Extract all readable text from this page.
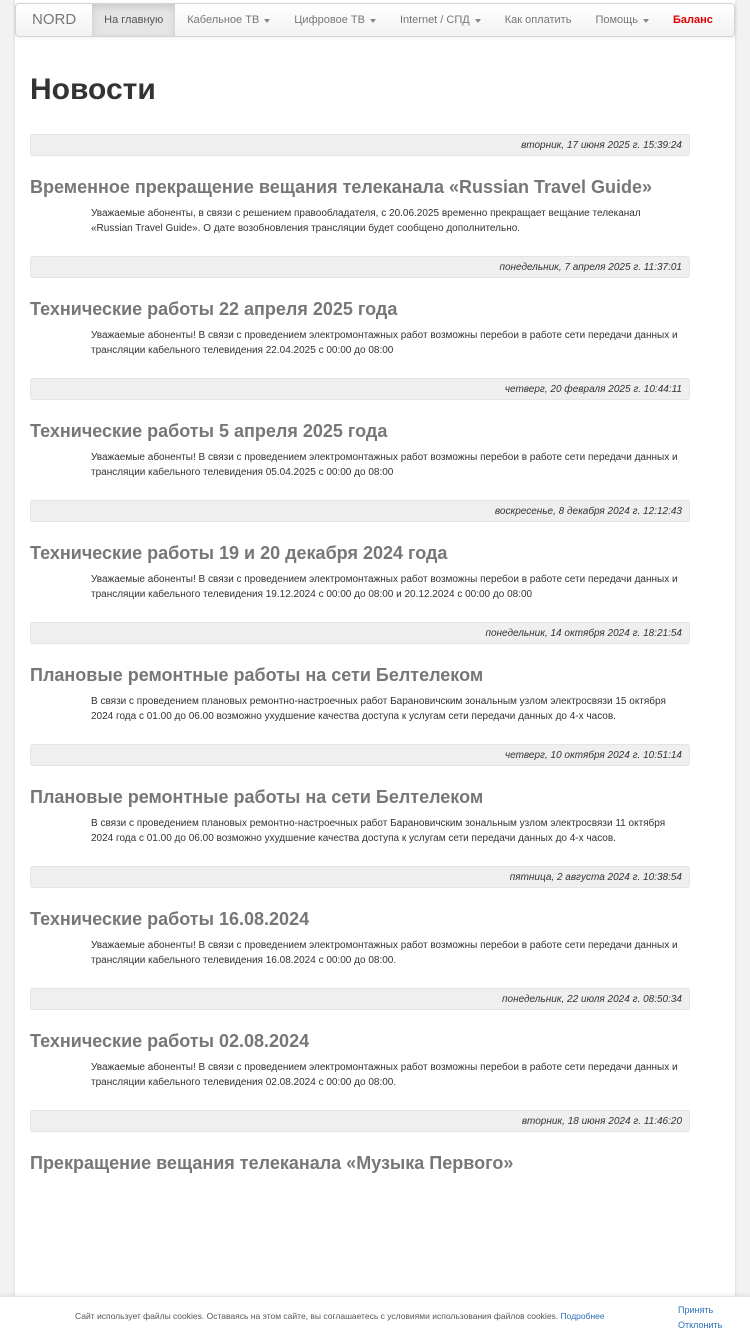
NORD	На главную Кабельное ТВ	Цифровое ТВ	Internet / СПД	Как оплатить Помощь	Баланс
Новости
вторник, 17 июня 2025 г. 15:39:24
Временное прекращение вещания телеканала «Russian Travel Guide»
Уважаемые абоненты, в связи с решением правообладателя, с 20.06.2025 временно прекращает вещание телеканал «Russian Travel Guide». О дате возобновления трансляции будет сообщено дополнительно.
понедельник, 7 апреля 2025 г. 11:37:01
Технические работы 22 апреля 2025 года
Уважаемые абоненты! В связи с проведением электромонтажных работ возможны перебои в работе сети передачи данных и трансляции кабельного телевидения 22.04.2025 с 00:00 до 08:00
четверг, 20 февраля 2025 г. 10:44:11
Технические работы 5 апреля 2025 года
Уважаемые абоненты! В связи с проведением электромонтажных работ возможны перебои в работе сети передачи данных и трансляции кабельного телевидения 05.04.2025 с 00:00 до 08:00
воскресенье, 8 декабря 2024 г. 12:12:43
Технические работы 19 и 20 декабря 2024 года
Уважаемые абоненты! В связи с проведением электромонтажных работ возможны перебои в работе сети передачи данных и трансляции кабельного телевидения 19.12.2024 с 00:00 до 08:00 и 20.12.2024 с 00:00 до 08:00
понедельник, 14 октября 2024 г. 18:21:54
Плановые ремонтные работы на сети Белтелеком
В связи с проведением плановых ремонтно-настроечных работ Барановичским зональным узлом электросвязи 15 октября 2024 года с 01.00 до 06.00 возможно ухудшение качества доступа к услугам сети передачи данных до 4-х часов.
четверг, 10 октября 2024 г. 10:51:14
Плановые ремонтные работы на сети Белтелеком
В связи с проведением плановых ремонтно-настроечных работ Барановичским зональным узлом электросвязи 11 октября 2024 года с 01.00 до 06.00 возможно ухудшение качества доступа к услугам сети передачи данных до 4-х часов.
пятница, 2 августа 2024 г. 10:38:54
Технические работы 16.08.2024
Уважаемые абоненты! В связи с проведением электромонтажных работ возможны перебои в работе сети передачи данных и трансляции кабельного телевидения 16.08.2024 с 00:00 до 08:00.
понедельник, 22 июля 2024 г. 08:50:34
Технические работы 02.08.2024
Уважаемые абоненты! В связи с проведением электромонтажных работ возможны перебои в работе сети передачи данных и трансляции кабельного телевидения 02.08.2024 с 00:00 до 08:00.
вторник, 18 июня 2024 г. 11:46:20
Прекращение вещания телеканала «Музыка Первого»
Сайт использует файлы cookies. Оставаясь на этом сайте, вы соглашаетесь с условиями использования файлов cookies. Подробнее
Принять
Отклонить
